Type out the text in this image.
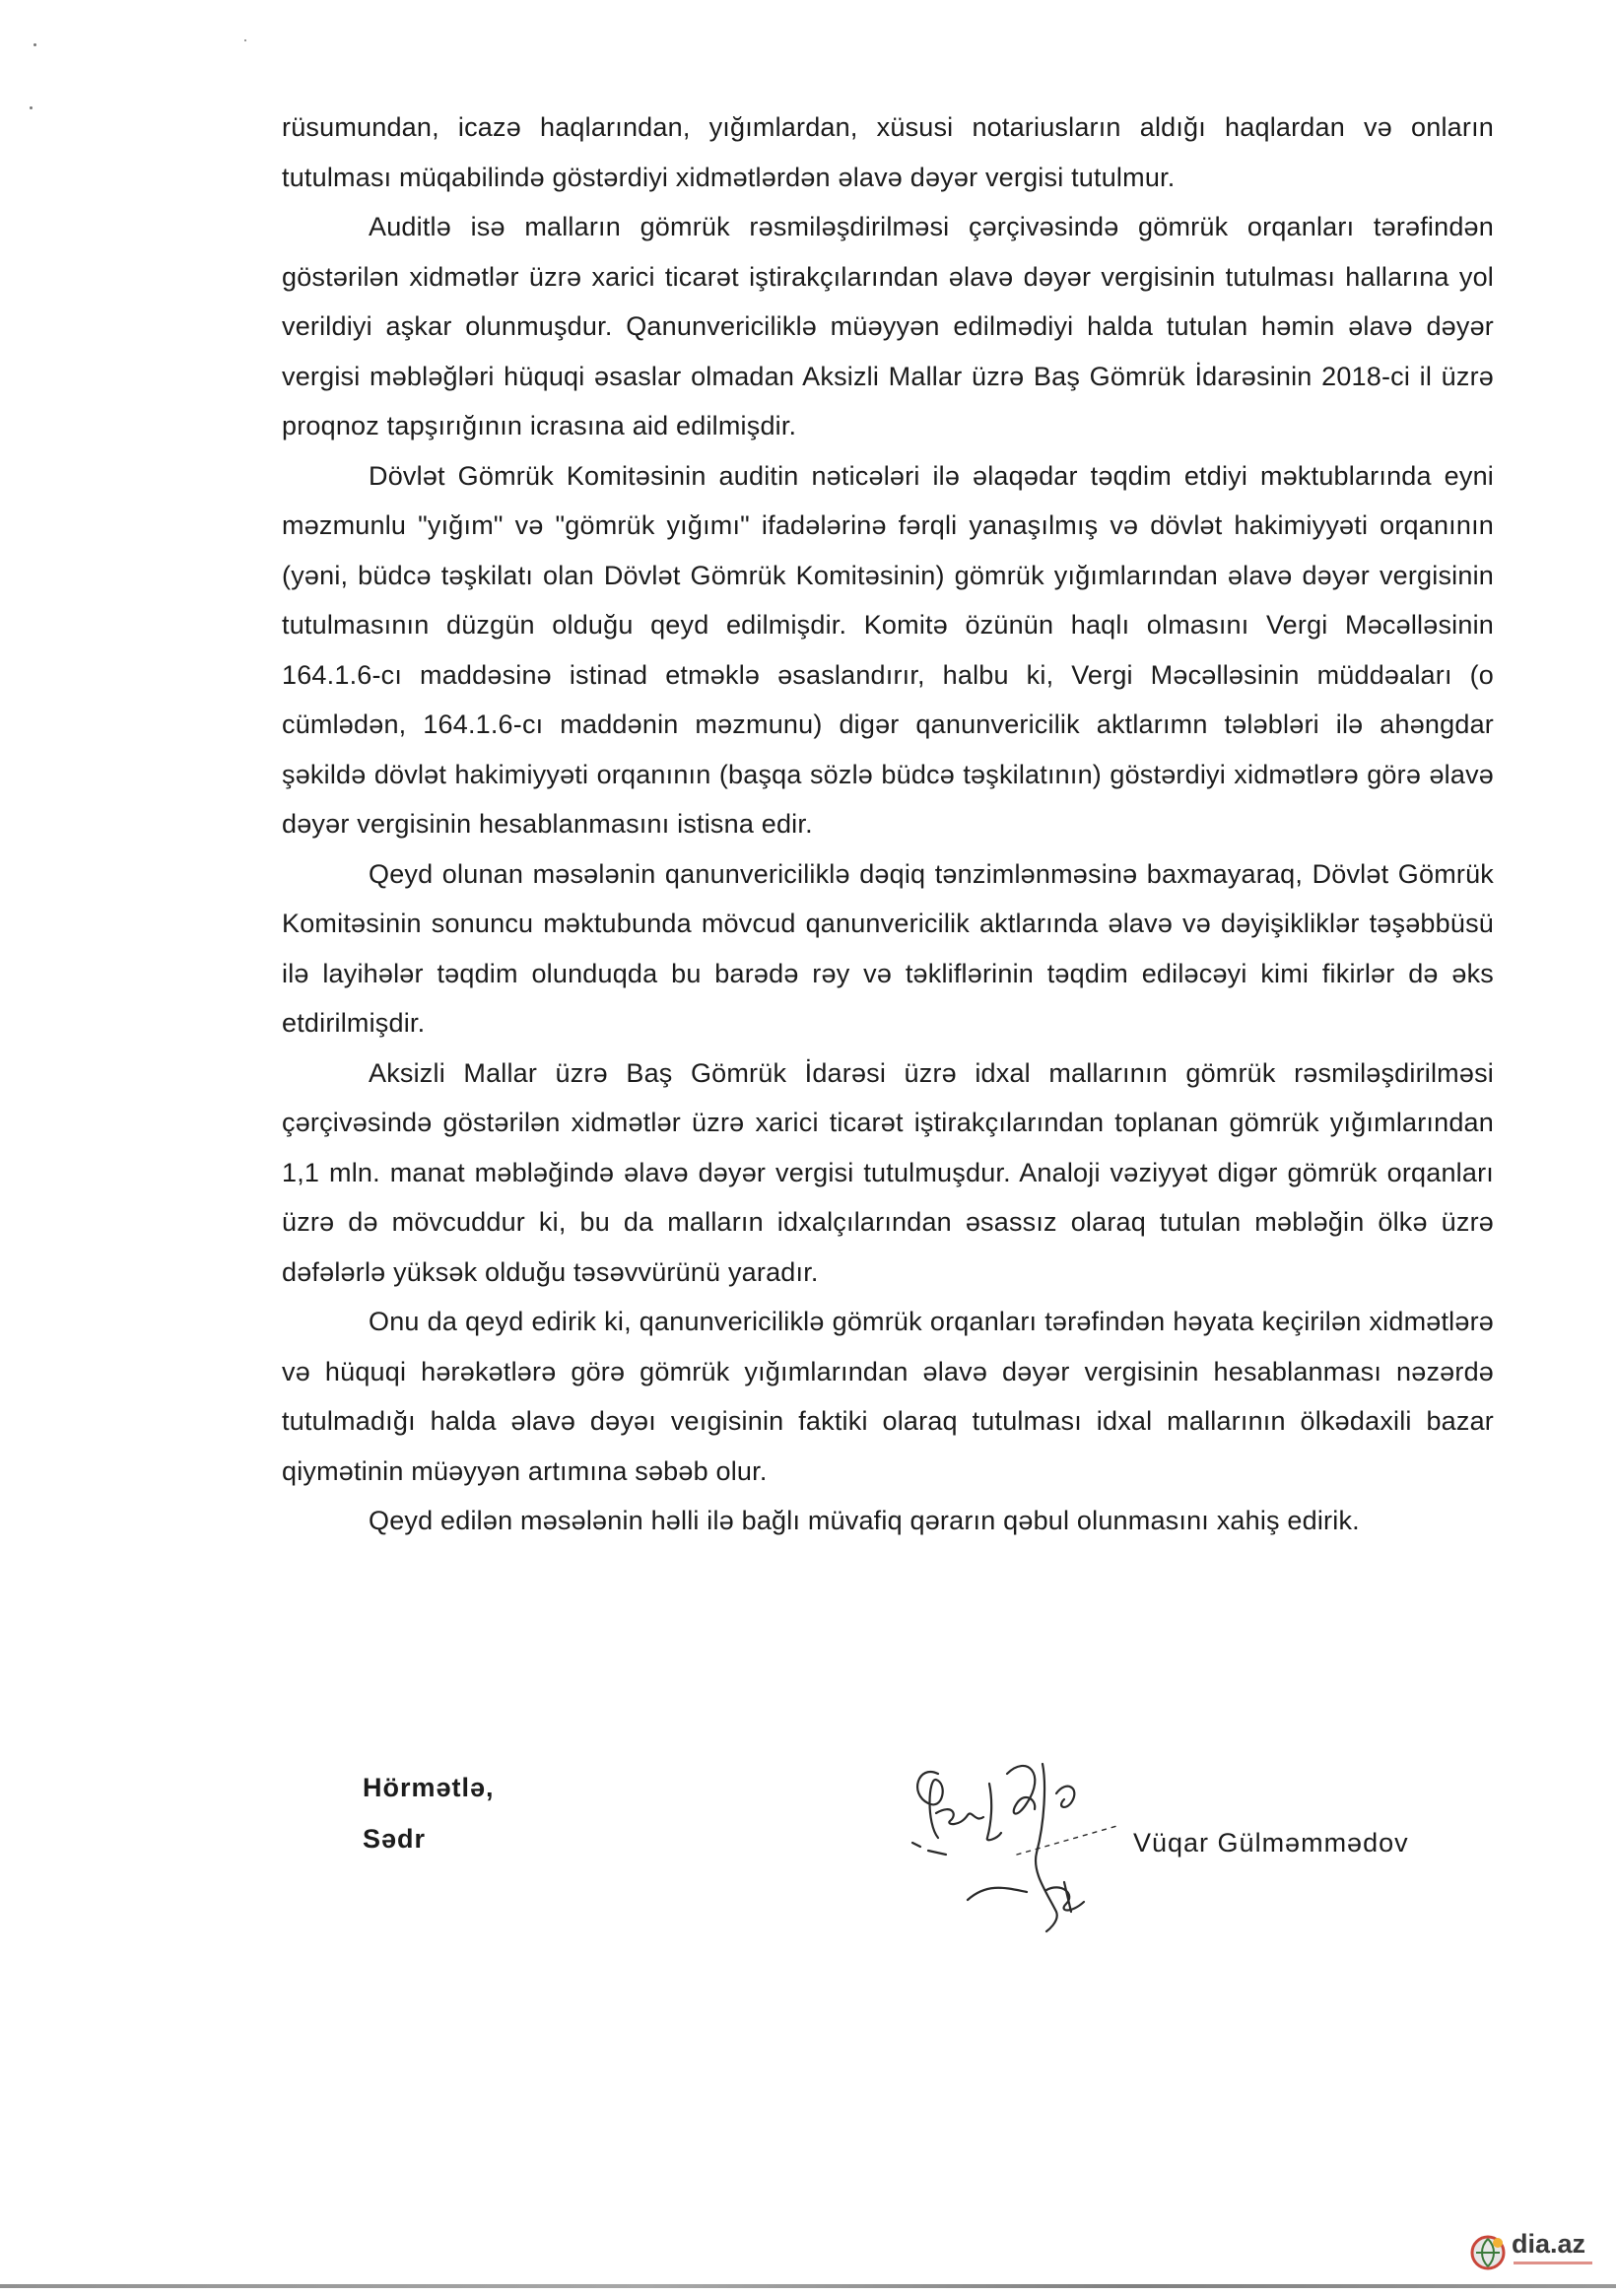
rüsumundan, icazə haqlarından, yığımlardan, xüsusi notariusların aldığı haqlardan və onların tutulması müqabilində göstərdiyi xidmətlərdən əlavə dəyər vergisi tutulmur.

Auditlə isə malların gömrük rəsmiləşdirilməsi çərçivəsində gömrük orqanları tərəfindən göstərilən xidmətlər üzrə xarici ticarət iştirakçılarından əlavə dəyər vergisinin tutulması hallarına yol verildiyi aşkar olunmuşdur. Qanunvericiliklə müəyyən edilmədiyi halda tutulan həmin əlavə dəyər vergisi məbləğləri hüquqi əsaslar olmadan Aksizli Mallar üzrə Baş Gömrük İdarəsinin 2018-ci il üzrə proqnoz tapşırığının icrasına aid edilmişdir.

Dövlət Gömrük Komitəsinin auditin nəticələri ilə əlaqədar təqdim etdiyi məktublarında eyni məzmunlu "yığım" və "gömrük yığımı" ifadələrinə fərqli yanaşılmış və dövlət hakimiyyəti orqanının (yəni, büdcə təşkilatı olan Dövlət Gömrük Komitəsinin) gömrük yığımlarından əlavə dəyər vergisinin tutulmasının düzgün olduğu qeyd edilmişdir. Komitə özünün haqlı olmasını Vergi Məcəlləsinin 164.1.6-cı maddəsinə istinad etməklə əsaslandırır, halbu ki, Vergi Məcəlləsinin müddəaları (o cümlədən, 164.1.6-cı maddənin məzmunu) digər qanunvericilik aktlarımn tələbləri ilə ahəngdar şəkildə dövlət hakimiyyəti orqanının (başqa sözlə büdcə təşkilatının) göstərdiyi xidmətlərə görə əlavə dəyər vergisinin hesablanmasını istisna edir.

Qeyd olunan məsələnin qanunvericiliklə dəqiq tənzimlənməsinə baxmayaraq, Dövlət Gömrük Komitəsinin sonuncu məktubunda mövcud qanunvericilik aktlarında əlavə və dəyişikliklər təşəbbüsü ilə layihələr təqdim olunduqda bu barədə rəy və təkliflərinin təqdim ediləcəyi kimi fikirlər də əks etdirilmişdir.

Aksizli Mallar üzrə Baş Gömrük İdarəsi üzrə idxal mallarının gömrük rəsmiləşdirilməsi çərçivəsində göstərilən xidmətlər üzrə xarici ticarət iştirakçılarından toplanan gömrük yığımlarından 1,1 mln. manat məbləğində əlavə dəyər vergisi tutulmuşdur. Analoji vəziyyət digər gömrük orqanları üzrə də mövcuddur ki, bu da malların idxalçılarından əsassız olaraq tutulan məbləğin ölkə üzrə dəfələrlə yüksək olduğu təsəvvürünü yaradır.

Onu da qeyd edirik ki, qanunvericiliklə gömrük orqanları tərəfindən həyata keçirilən xidmətlərə və hüquqi hərəkətlərə görə gömrük yığımlarından əlavə dəyər vergisinin hesablanması nəzərdə tutulmadığı halda əlavə dəyəı veıgisinin faktiki olaraq tutulması idxal mallarının ölkədaxili bazar qiymətinin müəyyən artımına səbəb olur.

Qeyd edilən məsələnin həlli ilə bağlı müvafiq qərarın qəbul olunmasını xahiş edirik.

Hörmətlə,
Sədr	Vüqar Gülməmmədov
dia.az
